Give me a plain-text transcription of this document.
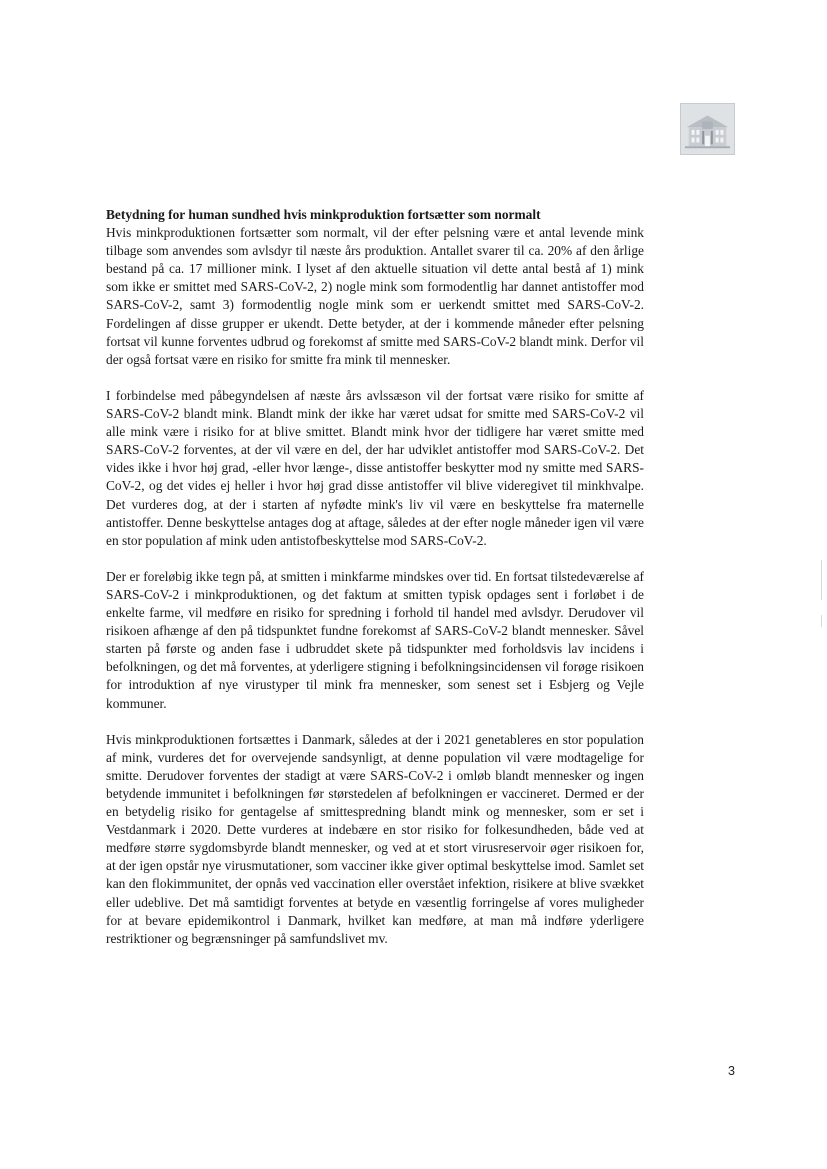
Betydning for human sundhed hvis minkproduktion fortsætter som normalt

Hvis minkproduktionen fortsætter som normalt, vil der efter pelsning være et antal levende mink tilbage som anvendes som avlsdyr til næste års produktion. Antallet svarer til ca. 20% af den årlige bestand på ca. 17 millioner mink. I lyset af den aktuelle situation vil dette antal bestå af 1) mink som ikke er smittet med SARS-CoV-2, 2) nogle mink som formodentlig har dannet antistoffer mod SARS-CoV-2, samt 3) formodentlig nogle mink som er uerkendt smittet med SARS-CoV-2. Fordelingen af disse grupper er ukendt. Dette betyder, at der i kommende måneder efter pelsning fortsat vil kunne forventes udbrud og forekomst af smitte med SARS-CoV-2 blandt mink. Derfor vil der også fortsat være en risiko for smitte fra mink til mennesker.

I forbindelse med påbegyndelsen af næste års avlssæson vil der fortsat være risiko for smitte af SARS-CoV-2 blandt mink. Blandt mink der ikke har været udsat for smitte med SARS-CoV-2 vil alle mink være i risiko for at blive smittet. Blandt mink hvor der tidligere har været smitte med SARS-CoV-2 forventes, at der vil være en del, der har udviklet antistoffer mod SARS-CoV-2. Det vides ikke i hvor høj grad, -eller hvor længe-, disse antistoffer beskytter mod ny smitte med SARS-CoV-2, og det vides ej heller i hvor høj grad disse antistoffer vil blive videregivet til minkhvalpe. Det vurderes dog, at der i starten af nyfødte mink's liv vil være en beskyttelse fra maternelle antistoffer. Denne beskyttelse antages dog at aftage, således at der efter nogle måneder igen vil være en stor population af mink uden antistofbeskyttelse mod SARS-CoV-2.

Der er foreløbig ikke tegn på, at smitten i minkfarme mindskes over tid. En fortsat tilstedeværelse af SARS-CoV-2 i minkproduktionen, og det faktum at smitten typisk opdages sent i forløbet i de enkelte farme, vil medføre en risiko for spredning i forhold til handel med avlsdyr. Derudover vil risikoen afhænge af den på tidspunktet fundne forekomst af SARS-CoV-2 blandt mennesker. Såvel starten på første og anden fase i udbruddet skete på tidspunkter med forholdsvis lav incidens i befolkningen, og det må forventes, at yderligere stigning i befolkningsincidensen vil forøge risikoen for introduktion af nye virustyper til mink fra mennesker, som senest set i Esbjerg og Vejle kommuner.

Hvis minkproduktionen fortsættes i Danmark, således at der i 2021 genetableres en stor population af mink, vurderes det for overvejende sandsynligt, at denne population vil være modtagelige for smitte. Derudover forventes der stadigt at være SARS-CoV-2 i omløb blandt mennesker og ingen betydende immunitet i befolkningen før størstedelen af befolkningen er vaccineret. Dermed er der en betydelig risiko for gentagelse af smittespredning blandt mink og mennesker, som er set i Vestdanmark i 2020. Dette vurderes at indebære en stor risiko for folkesundheden, både ved at medføre større sygdomsbyrde blandt mennesker, og ved at et stort virusreservoir øger risikoen for, at der igen opstår nye virusmutationer, som vacciner ikke giver optimal beskyttelse imod. Samlet set kan den flokimmunitet, der opnås ved vaccination eller overstået infektion, risikere at blive svækket eller udeblive. Det må samtidigt forventes at betyde en væsentlig forringelse af vores muligheder for at bevare epidemikontrol i Danmark, hvilket kan medføre, at man må indføre yderligere restriktioner og begrænsninger på samfundslivet mv.

3
